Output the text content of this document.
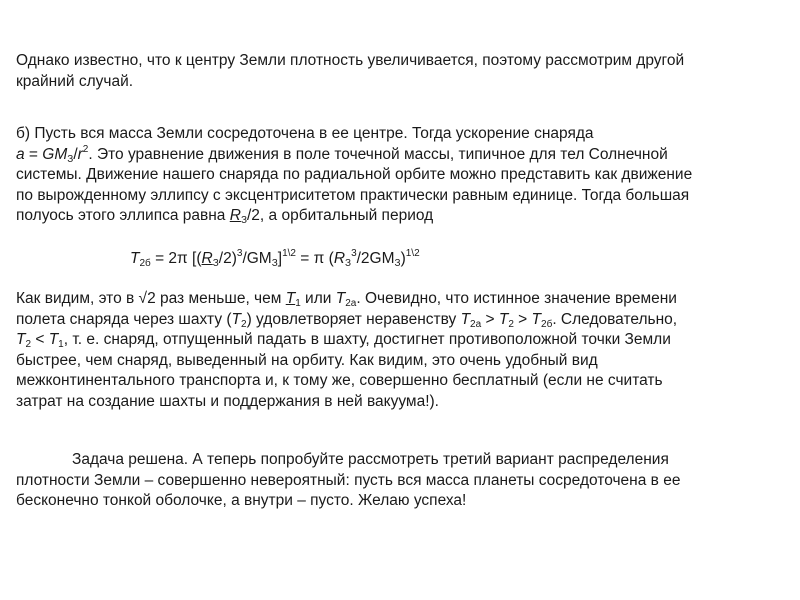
Однако известно, что к центру Земли плотность увеличивается, поэтому рассмотрим другой
крайний случай.

б) Пусть вся масса Земли сосредоточена в ее центре. Тогда ускорение снаряда
$a = GM_З/r^2$. Это уравнение движения в поле точечной массы, типичное для тел Солнечной
системы. Движение нашего снаряда по радиальной орбите можно представить как движение
по вырожденному эллипсу с эксцентриситетом практически равным единице. Тогда большая
полуось этого эллипса равна $R_З/2$, а орбитальный период

$T_{2б} = 2\pi$ $[(R_З/2)^3/GM_З]^{1\backslash 2} = \pi$ $(R_З^3/2GM_З)^{1\backslash 2}$

Как видим, это в √2 раз меньше, чем $T_1$ или $T_{2a}$. Очевидно, что истинное значение времени
полета снаряда через шахту $(T_2)$ удовлетворяет неравенству $T_{2a} > T_2 > T_{2б}$. Следовательно,
$T_2 < T_1$, т. е. снаряд, отпущенный падать в шахту, достигнет противоположной точки Земли
быстрее, чем снаряд, выведенный на орбиту. Как видим, это очень удобный вид
межконтинентального транспорта и, к тому же, совершенно бесплатный (если не считать
затрат на создание шахты и поддержания в ней вакуума!).

Задача решена. А теперь попробуйте рассмотреть третий вариант распределения
плотности Земли – совершенно невероятный: пусть вся масса планеты сосредоточена в ее
бесконечно тонкой оболочке, а внутри – пусто. Желаю успеха!
